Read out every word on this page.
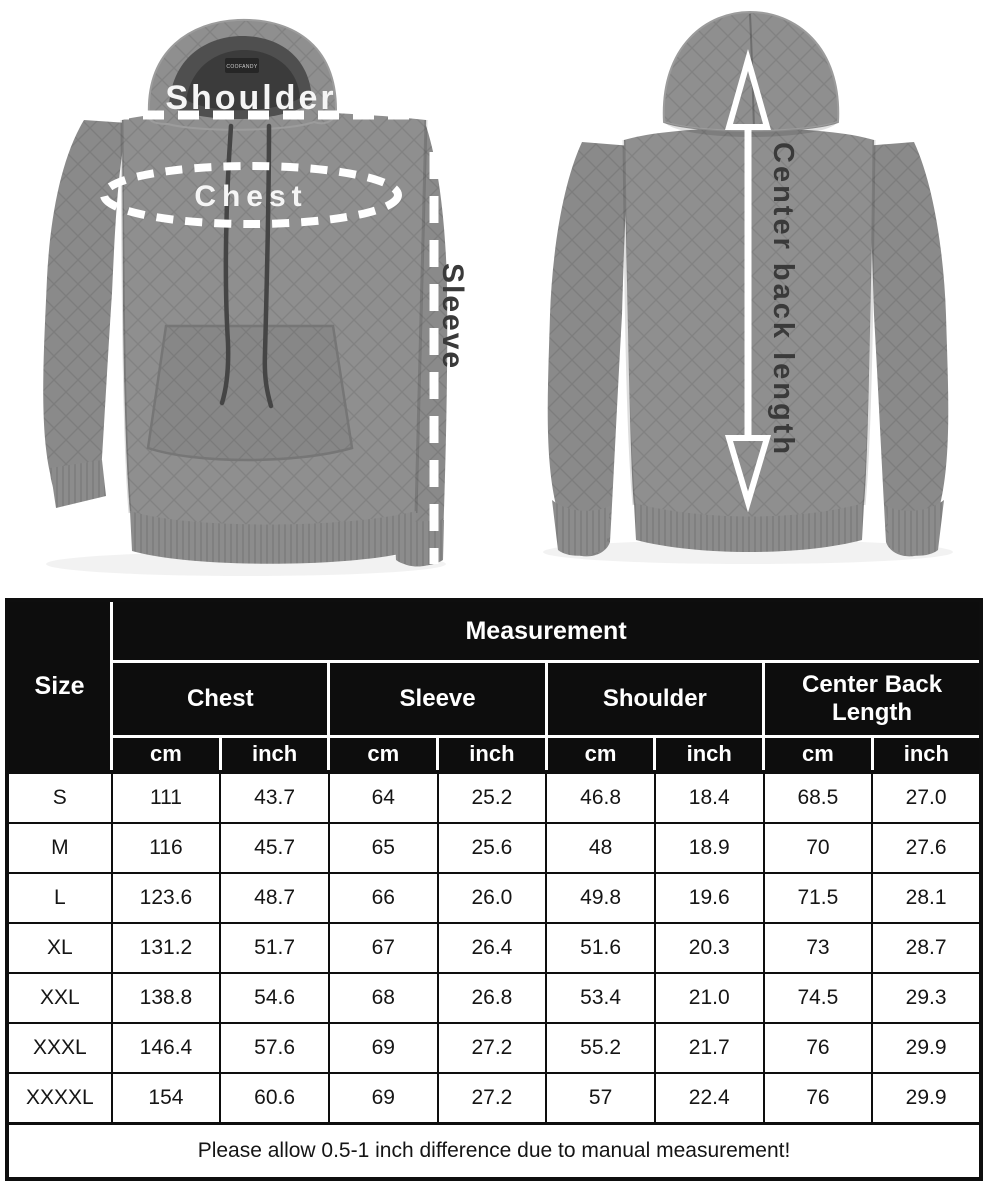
COOFANDY
Shoulder
Chest
Sleeve	Center back length
Size	Measurement							
	Chest		Sleeve		Shoulder		Center Back Length	
	cm	inch	cm	inch	cm	inch	cm	inch
S	111	43.7	64	25.2	46.8	18.4	68.5	27.0
M	116	45.7	65	25.6	48	18.9	70	27.6
L	123.6	48.7	66	26.0	49.8	19.6	71.5	28.1
XL	131.2	51.7	67	26.4	51.6	20.3	73	28.7
XXL	138.8	54.6	68	26.8	53.4	21.0	74.5	29.3
XXXL	146.4	57.6	69	27.2	55.2	21.7	76	29.9
XXXXL	154	60.6	69	27.2	57	22.4	76	29.9
Please allow 0.5-1 inch difference due to manual measurement!								
